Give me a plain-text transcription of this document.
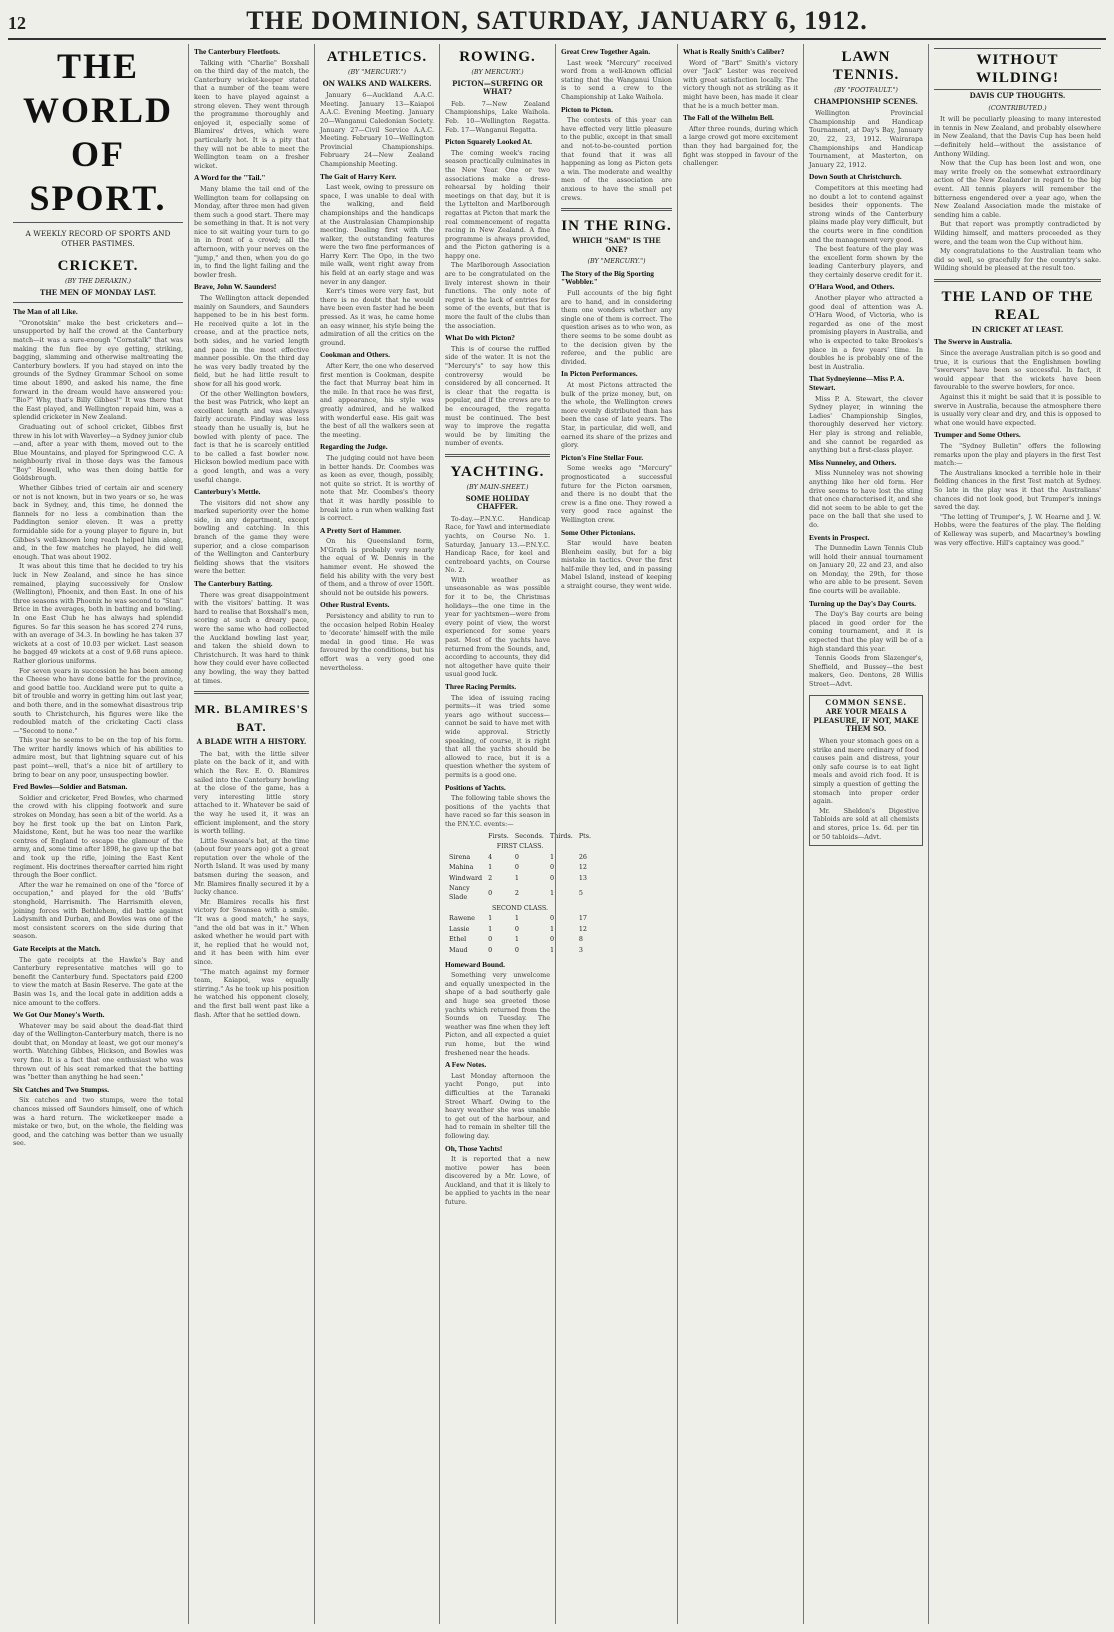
12	THE DOMINION, SATURDAY, JANUARY 6, 1912.
THE WORLD OF SPORT.
A WEEKLY RECORD OF SPORTS AND OTHER PASTIMES.
CRICKET.
(BY THE DERAKIN.)
THE MEN OF MONDAY LAST.
The Man of all Like.
"Oronotskin" make the best cricketers and—unsupported by half the crowd at the Canterbury match—it was a sure-enough "Cornstalk" that was making the fun flee by eye getting, striking, bagging, slamming and otherwise maltreating the Canterbury bowlers. If you had stayed on into the grounds of the Sydney Grammar School on some time about 1890, and asked his name, the fine forward in the dream would have answered you: "Bio?" Why, that's Billy Gibbes!" It was there that the East played, and Wellington repaid him, was a splendid cricketer in New Zealand.
Graduating out of school cricket, Gibbes first threw in his lot with Waverley—a Sydney junior club—and, after a year with them, moved out to the Blue Mountains, and played for Springwood C.C. A neighbourly rival in those days was the famous "Boy" Howell, who was then doing battle for Goldsbrough.
Whether Gibbes tried of certain air and scenery or not is not known, but in two years or so, he was back in Sydney, and, this time, he donned the flannels for no less a combination than the Paddington senior eleven. It was a pretty formidable side for a young player to figure in, but Gibbes's well-known long reach helped him along, and, in the few matches he played, he did well enough. That was about 1902.
It was about this time that he decided to try his luck in New Zealand, and since he has since remained, playing successively for Onslow (Wellington), Phoenix, and then East. In one of his three seasons with Phoenix he was second to "Stan" Brice in the averages, both in batting and bowling. In one East Club he has always had splendid figures. So far this season he has scored 274 runs, with an average of 34.3. In bowling he has taken 37 wickets at a cost of 10.03 per wicket. Last season he bagged 49 wickets at a cost of 9.68 runs apiece. Rather glorious uniforms.
For seven years in succession he has been among the Cheese who have done battle for the province, and good battle too. Auckland were put to quite a bit of trouble and worry in getting him out last year, and both there, and in the somewhat disastrous trip south to Christchurch, his figures were like the redoubled match of the cricketing Cacti class—"Second to none."
This year he seems to be on the top of his form. The writer hardly knows which of his abilities to admire most, but that lightning square cut of his past point—well, that's a nice bit of artillery to bring to bear on any poor, unsuspecting bowler.
Fred Bowles—Soldier and Batsman.
Soldier and cricketer, Fred Bowles, who charmed the crowd with his clipping footwork and sure strokes on Monday, has seen a bit of the world. As a boy he first took up the bat on Linton Park, Maidstone, Kent, but he was too near the warlike centres of England to escape the glamour of the army, and, some time after 1898, he gave up the bat and took up the rifle, joining the East Kent regiment. His doctrines thereafter carried him right through the Boer conflict.
After the war he remained on one of the "force of occupation," and played for the old 'Buffs' stonghold, Harrismith. The Harrismith eleven, joining forces with Bethlehem, did battle against Ladysmith and Durban, and Bowles was one of the most consistent scorers on the side during that season.
Gate Receipts at the Match.
The gate receipts at the Hawke's Bay and Canterbury representative matches will go to benefit the Canterbury fund. Spectators paid £200 to view the match at Basin Reserve. The gate at the Basin was 1s, and the local gate in addition adds a nice amount to the coffers.
We Got Our Money's Worth.
Whatever may be said about the dead-flat third day of the Wellington-Canterbury match, there is no doubt that, on Monday at least, we got our money's worth. Watching Gibbes, Hickson, and Bowles was very fine. It is a fact that one enthusiast who was thrown out of his seat remarked that the batting was "better than anything he had seen."
Six Catches and Two Stumpss.
Six catches and two stumps, were the total chances missed off Saunders himself, one of which was a hard return. The wicketkeeper made a mistake or two, but, on the whole, the fielding was good, and the catching was better than we usually see.
The Canterbury Fleetfoots.
Talking with "Charlie" Boxshall on the third day of the match, the Canterbury wicket-keeper stated that a number of the team were keen to have played against a strong eleven. They went through the programme thoroughly and enjoyed it, especially some of Blamires' drives, which were particularly hot. It is a pity that they will not be able to meet the Wellington team on a fresher wicket.
A Word for the "Tail."
Many blame the tail end of the Wellington team for collapsing on Monday, after three men had given them such a good start. There may be something in that. It is not very nice to sit waiting your turn to go in in front of a crowd; all the afternoon, with your nerves on the "jump," and then, when you do go in, to find the light failing and the bowler fresh.
Brave, John W. Saunders!
The Wellington attack depended mainly on Saunders, and Saunders happened to be in his best form. He received quite a lot in the crease, and at the practice nets, both sides, and he varied length and pace in the most effective manner possible. On the third day he was very badly treated by the field, but he had little result to show for all his good work.
Of the other Wellington bowlers, the best was Patrick, who kept an excellent length and was always fairly accurate. Findlay was less steady than he usually is, but he bowled with plenty of pace. The fact is that he is scarcely entitled to be called a fast bowler now. Hickson bowled medium pace with a good length, and was a very useful change.
Canterbury's Mettle.
The visitors did not show any marked superiority over the home side, in any department, except bowling and catching. In this branch of the game they were superior, and a close comparison of the Wellington and Canterbury fielding shows that the visitors were the better.
The Canterbury Batting.
There was great disappointment with the visitors' batting. It was hard to realise that Boxshall's men, scoring at such a dreary pace, were the same who had collected the Auckland bowling last year, and taken the shield down to Christchurch. It was hard to think how they could ever have collected any bowling, the way they batted at times.
MR. BLAMIRES'S BAT.
A BLADE WITH A HISTORY.
The bat, with the little silver plate on the back of it, and with which the Rev. E. O. Blamires sailed into the Canterbury bowling at the close of the game, has a very interesting little story attached to it. Whatever be said of the way he used it, it was an efficient implement, and the story is worth telling.
Little Swansea's bat, at the time (about four years ago) got a great reputation over the whole of the North Island. It was used by many batsmen during the season, and Mr. Blamires finally secured it by a lucky chance.
Mr. Blamires recalls his first victory for Swansea with a smile. "It was a good match," he says, "and the old bat was in it." When asked whether he would part with it, he replied that he would not, and it has been with him ever since.
"The match against my former team, Kaiapoi, was equally stirring." As he took up his position he watched his opponent closely, and the first ball went past like a flash. After that he settled down.
ATHLETICS.
(BY "MERCURY.")
ON WALKS AND WALKERS.
January 6—Auckland A.A.C. Meeting. January 13—Kaiapoi A.A.C. Evening Meeting. January 20—Wanganui Caledonian Society. January 27—Civil Service A.A.C. Meeting. February 10—Wellington Provincial Championships. February 24—New Zealand Championship Meeting.
The Gait of Harry Kerr.
Last week, owing to pressure on space, I was unable to deal with the walking, and field championships and the handicaps at the Australasian Championship meeting. Dealing first with the walker, the outstanding features were the two fine performances of Harry Kerr. The Opo, in the two mile walk, went right away from his field at an early stage and was never in any danger.
Kerr's times were very fast, but there is no doubt that he would have been even faster had he been pressed. As it was, he came home an easy winner, his style being the admiration of all the critics on the ground.
Cookman and Others.
After Kerr, the one who deserved first mention is Cookman, despite the fact that Murray beat him in the mile. In that race he was first, and appearance, his style was greatly admired, and he walked with wonderful ease. His gait was the best of all the walkers seen at the meeting.
Regarding the Judge.
The judging could not have been in better hands. Dr. Coombes was as keen as ever, though, possibly, not quite so strict. It is worthy of note that Mr. Coombes's theory that it was hardly possible to break into a run when walking fast is correct.
A Pretty Sort of Hammer.
On his Queensland form, M'Grath is probably very nearly the equal of W. Dennis in the hammer event. He showed the field his ability with the very best of them, and a throw of over 150ft. should not be outside his powers.
Other Rustral Events.
Persistency and ability to run to the occasion helped Robin Healey to 'decorate' himself with the mile medal in good time. He was favoured by the conditions, but his effort was a very good one nevertheless.
ROWING.
(BY MERCURY.)
PICTON—SURFING OR WHAT?
Feb. 7—New Zealand Championships, Lake Waihola. Feb. 10—Wellington Regatta. Feb. 17—Wanganui Regatta.
Picton Squarely Looked At.
The coming week's racing season practically culminates in the New Year. One or two associations make a dress-rehearsal by holding their meetings on that day, but it is the Lyttelton and Marlborough regattas at Picton that mark the real commencement of regatta racing in New Zealand. A fine programme is always provided, and the Picton gathering is a happy one.
The Marlborough Association are to be congratulated on the lively interest shown in their functions. The only note of regret is the lack of entries for some of the events, but that is more the fault of the clubs than the association.
What Do with Picton?
This is of course the ruffled side of the water. It is not the "Mercury's" to say how this controversy would be considered by all concerned. It is clear that the regatta is popular, and if the crews are to be encouraged, the regatta must be continued. The best way to improve the regatta would be by limiting the number of events.
YACHTING.
(BY MAIN-SHEET.)
SOME HOLIDAY CHAFFER.
To-day.—P.N.Y.C. Handicap Race, for Yawl and intermediate yachts, on Course No. 1. Saturday, January 13.—P.N.Y.C. Handicap Race, for keel and centreboard yachts, on Course No. 2.
With weather as unseasonable as was possible for it to be, the Christmas holidays—the one time in the year for yachtsmen—were from every point of view, the worst experienced for some years past. Most of the yachts have returned from the Sounds, and, according to accounts, they did not altogether have quite their usual good luck.
Three Racing Permits.
The idea of issuing racing permits—it was tried some years ago without success—cannot be said to have met with wide approval. Strictly speaking, of course, it is right that all the yachts should be allowed to race, but it is a question whether the system of permits is a good one.
Positions of Yachts.
The following table shows the positions of the yachts that have raced so far this season in the P.N.Y.C. events:—
	Firsts.	Seconds.	Thirds.	Pts.
FIRST CLASS.				
Sirena	4	0	1	26
Mahina	1	0	0	12
Windward	2	1	0	13
Nancy Slade	0	2	1	5
SECOND CLASS.				
Rawene	1	1	0	17
Lassie	1	0	1	12
Ethel	0	1	0	8
Maud	0	0	1	3
Homeward Bound.
Something very unwelcome and equally unexpected in the shape of a bad southerly gale and huge sea greeted those yachts which returned from the Sounds on Tuesday. The weather was fine when they left Picton, and all expected a quiet run home, but the wind freshened near the heads.
A Few Notes.
Last Monday afternoon the yacht Pongo, put into difficulties at the Taranaki Street Wharf. Owing to the heavy weather she was unable to get out of the harbour, and had to remain in shelter till the following day.
Oh, Those Yachts!
It is reported that a new motive power has been discovered by a Mr. Lowe, of Auckland, and that it is likely to be applied to yachts in the near future.
Great Crew Together Again.
Last week "Mercury" received word from a well-known official stating that the Wanganui Union is to send a crew to the Championship at Lake Waihola.
Picton to Picton.
The contests of this year can have effected very little pleasure to the public, except in that small and not-to-be-counted portion that found that it was all happening as long as Picton gets a win. The moderate and wealthy men of the association are anxious to have the small pet crews.
IN THE RING.
WHICH "SAM" IS THE ONE?
(BY "MERCURY.")
The Story of the Big Sporting "Wobbler."
Full accounts of the big fight are to hand, and in considering them one wonders whether any single one of them is correct. The question arises as to who won, as there seems to be some doubt as to the decision given by the referee, and the public are divided.
In Picton Performances.
At most Pictons attracted the bulk of the prize money, but, on the whole, the Wellington crews more evenly distributed than has been the case of late years. The Star, in particular, did well, and earned its share of the prizes and glory.
Picton's Fine Stellar Four.
Some weeks ago "Mercury" prognosticated a successful future for the Picton oarsmen, and there is no doubt that the crew is a fine one. They rowed a very good race against the Wellington crew.
Some Other Pictonians.
Star would have beaten Blenheim easily, but for a big mistake in tactics. Over the first half-mile they led, and in passing Mabel Island, instead of keeping a straight course, they went wide.
What is Really Smith's Caliber?
Word of "Bart" Smith's victory over "Jack" Lester was received with great satisfaction locally. The victory though not as striking as it might have been, has made it clear that he is a much better man.
The Fall of the Wilhelm Bell.
After three rounds, during which a large crowd got more excitement than they had bargained for, the fight was stopped in favour of the challenger.
LAWN TENNIS.
(BY "FOOTFAULT.")
CHAMPIONSHIP SCENES.
Wellington Provincial Championship and Handicap Tournament, at Day's Bay, January 20, 22, 23, 1912. Wairarapa Championships and Handicap Tournament, at Masterton, on January 22, 1912.
Down South at Christchurch.
Competitors at this meeting had no doubt a lot to contend against besides their opponents. The strong winds of the Canterbury plains made play very difficult, but the courts were in fine condition and the management very good.
The best feature of the play was the excellent form shown by the leading Canterbury players, and they certainly deserve credit for it.
O'Hara Wood, and Others.
Another player who attracted a good deal of attention was A. O'Hara Wood, of Victoria, who is regarded as one of the most promising players in Australia, and who is expected to take Brookes's place in a few years' time. In doubles he is probably one of the best in Australia.
That Sydneyienne—Miss P. A. Stewart.
Miss P. A. Stewart, the clever Sydney player, in winning the Ladies' Championship Singles, thoroughly deserved her victory. Her play is strong and reliable, and she cannot be regarded as anything but a first-class player.
Miss Nunneley, and Others.
Miss Nunneley was not showing anything like her old form. Her drive seems to have lost the sting that once characterised it, and she did not seem to be able to get the pace on the ball that she used to do.
Events in Prospect.
The Dunnedin Lawn Tennis Club will hold their annual tournament on January 20, 22 and 23, and also on Monday, the 29th, for those who are able to be present. Seven fine courts will be available.
Turning up the Day's Day Courts.
The Day's Bay courts are being placed in good order for the coming tournament, and it is expected that the play will be of a high standard this year.
Tennis Goods from Slazenger's, Sheffield, and Bussey—the best makers, Geo. Dentons, 28 Willis Street—Advt.
COMMON SENSE.
ARE YOUR MEALS A PLEASURE, IF NOT, MAKE THEM SO.
When your stomach goes on a strike and mere ordinary of food causes pain and distress, your only safe course is to eat light meals and avoid rich food. It is simply a question of getting the stomach into proper order again.
Mr. Sheldon's Digestive Tabloids are sold at all chemists and stores, price 1s. 6d. per tin or 50 tabloids—Advt.
WITHOUT WILDING!
DAVIS CUP THOUGHTS.
(CONTRIBUTED.)
It will be peculiarly pleasing to many interested in tennis in New Zealand, and probably elsewhere in New Zealand, that the Davis Cup has been held—definitely held—without the assistance of Anthony Wilding.
Now that the Cup has been lost and won, one may write freely on the somewhat extraordinary action of the New Zealander in regard to the big event. All tennis players will remember the bitterness engendered over a year ago, when the New Zealand Association made the mistake of sending him a cable.
But that report was promptly contradicted by Wilding himself, and matters proceeded as they were, and the team won the Cup without him.
My congratulations to the Australian team who did so well, so gracefully for the country's sake. Wilding should be pleased at the result too.
THE LAND OF THE REAL
IN CRICKET AT LEAST.
The Swerve in Australia.
Since the average Australian pitch is so good and true, it is curious that the Englishmen bowling "swervers" have been so successful. In fact, it would appear that the wickets have been favourable to the swerve bowlers, for once.
Against this it might be said that it is possible to swerve in Australia, because the atmosphere there is usually very clear and dry, and this is opposed to what one would have expected.
Trumper and Some Others.
The "Sydney Bulletin" offers the following remarks upon the play and players in the first Test match:—
The Australians knocked a terrible hole in their fielding chances in the first Test match at Sydney. So late in the play was it that the Australians' chances did not look good, but Trumper's innings saved the day.
"The letting of Trumper's, J. W. Hearne and J. W. Hobbs, were the features of the play. The fielding of Kelleway was superb, and Macartney's bowling was very effective. Hill's captaincy was good."
